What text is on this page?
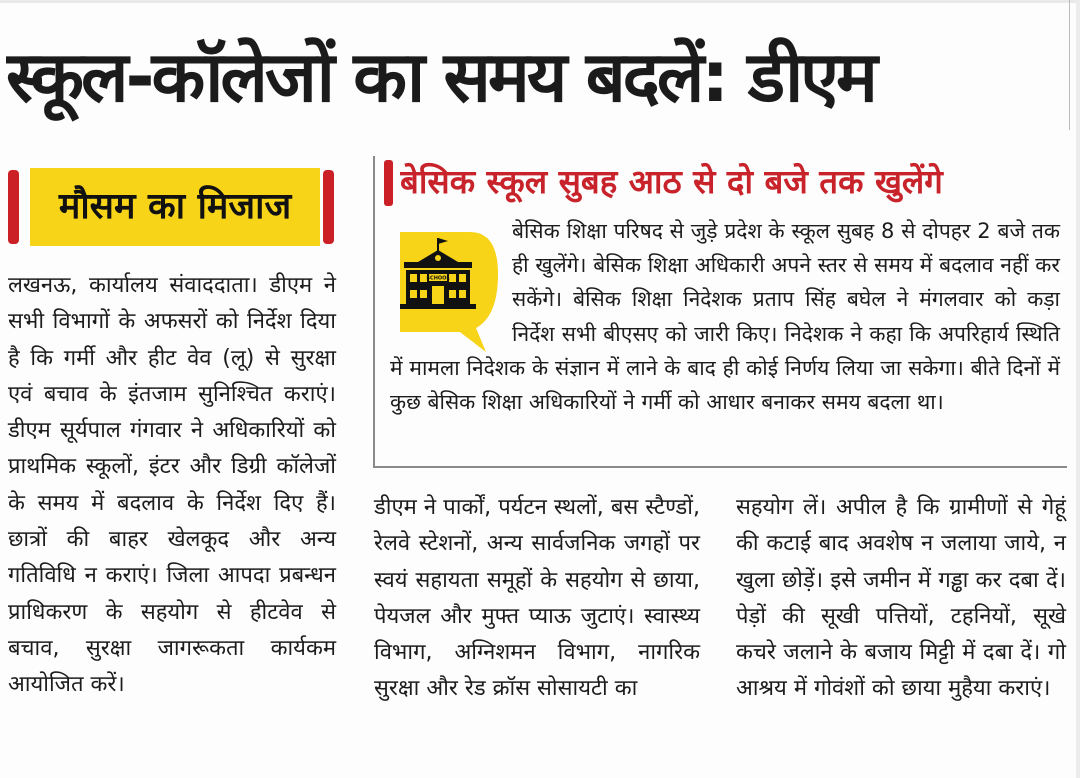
स्कूल-कॉलेजों का समय बदलें: डीएम
मौसम का मिजाज
लखनऊ, कार्यालय संवाददाता। डीएम ने सभी विभागों के अफसरों को निर्देश दिया है कि गर्मी और हीट वेव (लू) से सुरक्षा एवं बचाव के इंतजाम सुनिश्चित कराएं। डीएम सूर्यपाल गंगवार ने अधिकारियों को प्राथमिक स्कूलों, इंटर और डिग्री कॉलेजों के समय में बदलाव के निर्देश दिए हैं। छात्रों की बाहर खेलकूद और अन्य गतिविधि न कराएं। जिला आपदा प्रबन्धन प्राधिकरण के सहयोग से हीटवेव से बचाव, सुरक्षा जागरूकता कार्यकम आयोजित करें।
बेसिक स्कूल सुबह आठ से दो बजे तक खुलेंगे
SCHOOL
बेसिक शिक्षा परिषद से जुड़े प्रदेश के स्कूल सुबह 8 से दोपहर 2 बजे तक ही खुलेंगे। बेसिक शिक्षा अधिकारी अपने स्तर से समय में बदलाव नहीं कर सकेंगे। बेसिक शिक्षा निदेशक प्रताप सिंह बघेल ने मंगलवार को कड़ा निर्देश सभी बीएसए को जारी किए। निदेशक ने कहा कि अपरिहार्य स्थिति में मामला निदेशक के संज्ञान में लाने के बाद ही कोई निर्णय लिया जा सकेगा। बीते दिनों में कुछ बेसिक शिक्षा अधिकारियों ने गर्मी को आधार बनाकर समय बदला था।
डीएम ने पार्कों, पर्यटन स्थलों, बस स्टैण्डों, रेलवे स्टेशनों, अन्य सार्वजनिक जगहों पर स्वयं सहायता समूहों के सहयोग से छाया, पेयजल और मुफ्त प्याऊ जुटाएं। स्वास्थ्य विभाग, अग्निशमन विभाग, नागरिक सुरक्षा और रेड क्रॉस सोसायटी का
सहयोग लें। अपील है कि ग्रामीणों से गेहूं की कटाई बाद अवशेष न जलाया जाये, न खुला छोड़ें। इसे जमीन में गड्ढा कर दबा दें। पेड़ों की सूखी पत्तियों, टहनियों, सूखे कचरे जलाने के बजाय मिट्टी में दबा दें। गो आश्रय में गोवंशों को छाया मुहैया कराएं।
